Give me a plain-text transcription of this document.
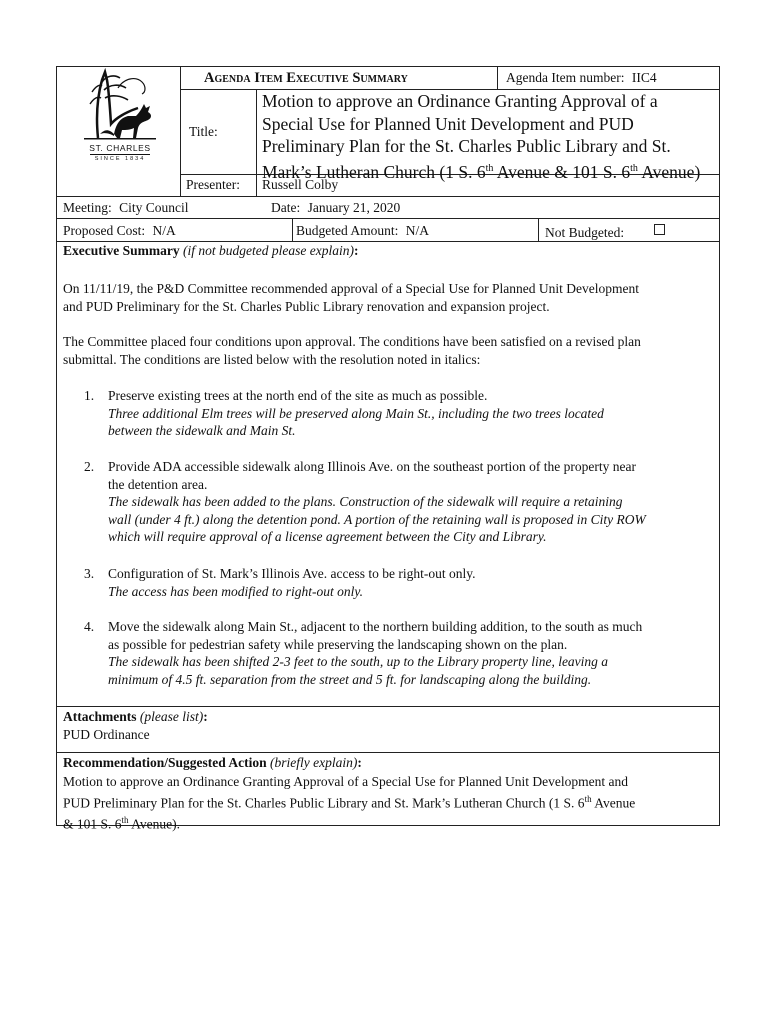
ST. CHARLES
SINCE 1834
Agenda Item Executive Summary	Agenda Item number: IIC4
Title:
Motion to approve an Ordinance Granting Approval of a
Special Use for Planned Unit Development and PUD
Preliminary Plan for the St. Charles Public Library and St.
Mark’s Lutheran Church (1 S. 6th Avenue & 101 S. 6th Avenue)
Presenter: Russell Colby
Meeting: City Council	Date: January 21, 2020
Proposed Cost: N/A	Budgeted Amount: N/A	Not Budgeted:
Executive Summary (if not budgeted please explain):
On 11/11/19, the P&D Committee recommended approval of a Special Use for Planned Unit Development
and PUD Preliminary for the St. Charles Public Library renovation and expansion project.
The Committee placed four conditions upon approval. The conditions have been satisfied on a revised plan
submittal. The conditions are listed below with the resolution noted in italics:
1. Preserve existing trees at the north end of the site as much as possible.
Three additional Elm trees will be preserved along Main St., including the two trees located
between the sidewalk and Main St.
2. Provide ADA accessible sidewalk along Illinois Ave. on the southeast portion of the property near
the detention area.
The sidewalk has been added to the plans. Construction of the sidewalk will require a retaining
wall (under 4 ft.) along the detention pond. A portion of the retaining wall is proposed in City ROW
which will require approval of a license agreement between the City and Library.
3. Configuration of St. Mark’s Illinois Ave. access to be right-out only.
The access has been modified to right-out only.
4. Move the sidewalk along Main St., adjacent to the northern building addition, to the south as much
as possible for pedestrian safety while preserving the landscaping shown on the plan.
The sidewalk has been shifted 2-3 feet to the south, up to the Library property line, leaving a
minimum of 4.5 ft. separation from the street and 5 ft. for landscaping along the building.
Attachments (please list):
PUD Ordinance
Recommendation/Suggested Action (briefly explain):
Motion to approve an Ordinance Granting Approval of a Special Use for Planned Unit Development and
PUD Preliminary Plan for the St. Charles Public Library and St. Mark’s Lutheran Church (1 S. 6th Avenue
& 101 S. 6th Avenue).
